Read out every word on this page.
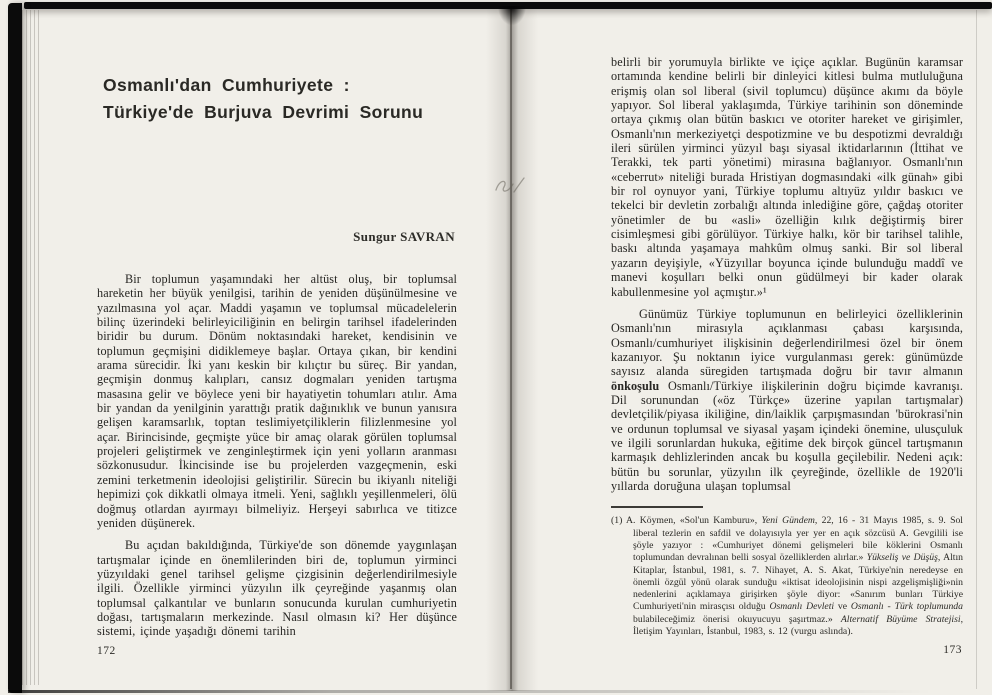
Osmanlı'dan Cumhuriyete :
Türkiye'de Burjuva Devrimi Sorunu
Sungur SAVRAN

Bir toplumun yaşamındaki her altüst oluş, bir toplumsal hareketin her büyük yenilgisi, tarihin de yeniden düşünülmesine ve yazılmasına yol açar. Maddi yaşamın ve toplumsal mücadelelerin bilinç üzerindeki belirleyiciliğinin en belirgin tarihsel ifadelerinden biridir bu durum. Dönüm noktasındaki hareket, kendisinin ve toplumun geçmişini didiklemeye başlar. Ortaya çıkan, bir kendini arama sürecidir. İki yanı keskin bir kılıçtır bu süreç. Bir yandan, geçmişin donmuş kalıpları, cansız dogmaları yeniden tartışma masasına gelir ve böylece yeni bir hayatiyetin tohumları atılır. Ama bir yandan da yenilginin yarattığı pratik dağınıklık ve bunun yanısıra gelişen karamsarlık, toptan teslimiyetçiliklerin filizlenmesine yol açar. Birincisinde, geçmişte yüce bir amaç olarak görülen toplumsal projeleri geliştirmek ve zenginleştirmek için yeni yolların aranması sözkonusudur. İkincisinde ise bu projelerden vazgeçmenin, eski zemini terketmenin ideolojisi geliştirilir. Sürecin bu ikiyanlı niteliği hepimizi çok dikkatli olmaya itmeli. Yeni, sağlıklı yeşillenmeleri, ölü doğmuş otlardan ayırmayı bilmeliyiz. Herşeyi sabırlıca ve titizce yeniden düşünerek.

Bu açıdan bakıldığında, Türkiye'de son dönemde yaygınlaşan tartışmalar içinde en önemlilerinden biri de, toplumun yirminci yüzyıldaki genel tarihsel gelişme çizgisinin değerlendirilmesiyle ilgili. Özellikle yirminci yüzyılın ilk çeyreğinde yaşanmış olan toplumsal çalkantılar ve bunların sonucunda kurulan cumhuriyetin doğası, tartışmaların merkezinde. Nasıl olmasın ki? Her düşünce sistemi, içinde yaşadığı dönemi tarihin

172

belirli bir yorumuyla birlikte ve içiçe açıklar. Bugünün karamsar ortamında kendine belirli bir dinleyici kitlesi bulma mutluluğuna erişmiş olan sol liberal (sivil toplumcu) düşünce akımı da böyle yapıyor. Sol liberal yaklaşımda, Türkiye tarihinin son döneminde ortaya çıkmış olan bütün baskıcı ve otoriter hareket ve girişimler, Osmanlı'nın merkeziyetçi despotizmine ve bu despotizmi devraldığı ileri sürülen yirminci yüzyıl başı siyasal iktidarlarının (İttihat ve Terakki, tek parti yönetimi) mirasına bağlanıyor. Osmanlı'nın «ceberrut» niteliği burada Hristiyan dogmasındaki «ilk günah» gibi bir rol oynuyor yani, Türkiye toplumu altıyüz yıldır baskıcı ve tekelci bir devletin zorbalığı altında inlediğine göre, çağdaş otoriter yönetimler de bu «asli» özelliğin kılık değiştirmiş birer cisimleşmesi gibi görülüyor. Türkiye halkı, kör bir tarihsel talihle, baskı altında yaşamaya mahkûm olmuş sanki. Bir sol liberal yazarın deyişiyle, «Yüzyıllar boyunca içinde bulunduğu maddî ve manevi koşulları belki onun güdülmeyi bir kader olarak kabullenmesine yol açmıştır.»¹

Günümüz Türkiye toplumunun en belirleyici özelliklerinin Osmanlı'nın mirasıyla açıklanması çabası karşısında, Osmanlı/cumhuriyet ilişkisinin değerlendirilmesi özel bir önem kazanıyor. Şu noktanın iyice vurgulanması gerek: günümüzde sayısız alanda süregiden tartışmada doğru bir tavır almanın önkoşulu Osmanlı/Türkiye ilişkilerinin doğru biçimde kavranışı. Dil sorunundan («öz Türkçe» üzerine yapılan tartışmalar) devletçilik/piyasa ikiliğine, din/laiklik çarpışmasından 'bürokrasi'nin ve ordunun toplumsal ve siyasal yaşam içindeki önemine, ulusçuluk ve ilgili sorunlardan hukuka, eğitime dek birçok güncel tartışmanın karmaşık dehlizlerinden ancak bu koşulla geçilebilir. Nedeni açık: bütün bu sorunlar, yüzyılın ilk çeyreğinde, özellikle de 1920'li yıllarda doruğuna ulaşan toplumsal

(1) A. Köymen, «Sol'un Kamburu», Yeni Gündem, 22, 16 - 31 Mayıs 1985, s. 9. Sol liberal tezlerin en safdil ve dolayısıyla yer yer en açık sözcüsü A. Gevgilili ise şöyle yazıyor : «Cumhuriyet dönemi gelişmeleri bile köklerini Osmanlı toplumundan devralınan belli sosyal özelliklerden alırlar.» Yükseliş ve Düşüş, Altın Kitaplar, İstanbul, 1981, s. 7. Nihayet, A. S. Akat, Türkiye'nin neredeyse en önemli özgül yönü olarak sunduğu «iktisat ideolojisinin nispi azgelişmişliği»nin nedenlerini açıklamaya girişirken şöyle diyor: «Sanırım bunları Türkiye Cumhuriyeti'nin mirasçısı olduğu Osmanlı Devleti ve Osmanlı - Türk toplumunda bulabileceğimiz önerisi okuyucuyu şaşırtmaz.» Alternatif Büyüme Stratejisi, İletişim Yayınları, İstanbul, 1983, s. 12 (vurgu aslında).
173
